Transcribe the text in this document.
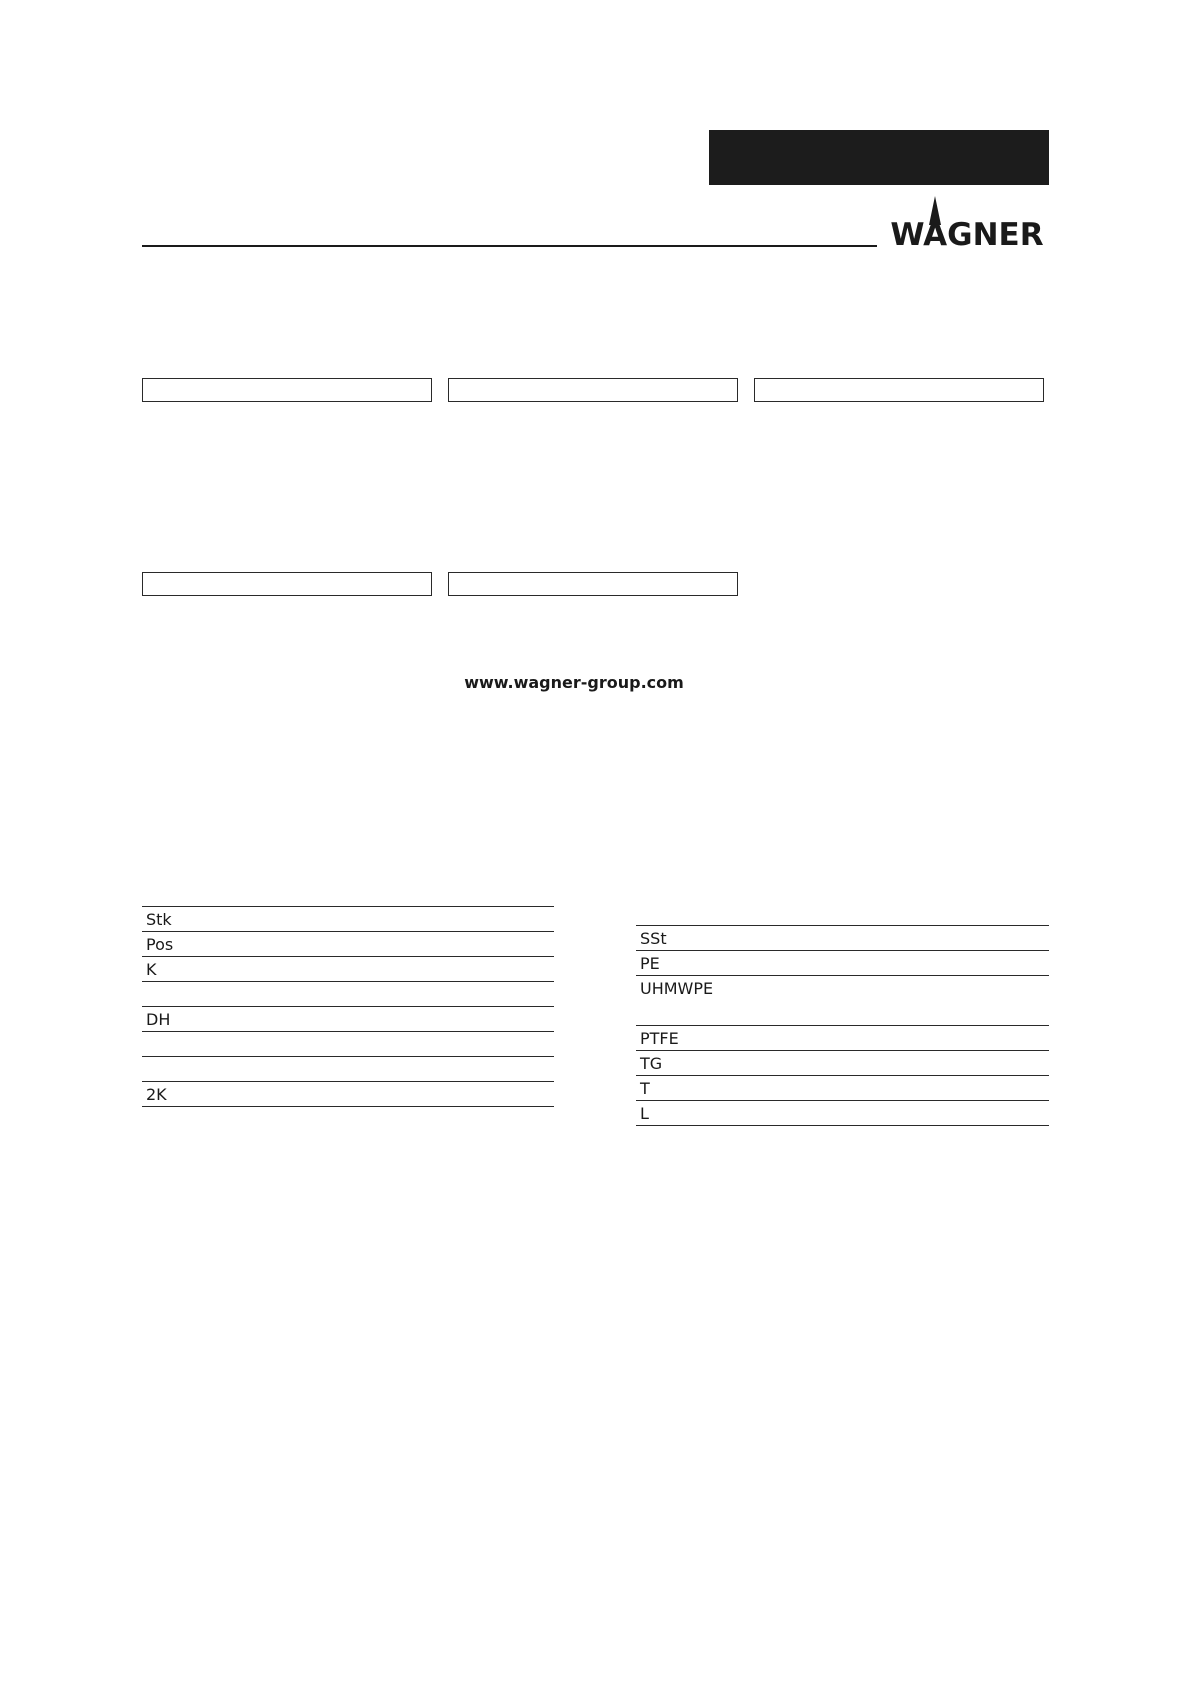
WAGNER
www.wagner-group.com
Stk
Pos
K
DH
2K
SSt
PE
UHMWPE
PTFE
TG
T
L
